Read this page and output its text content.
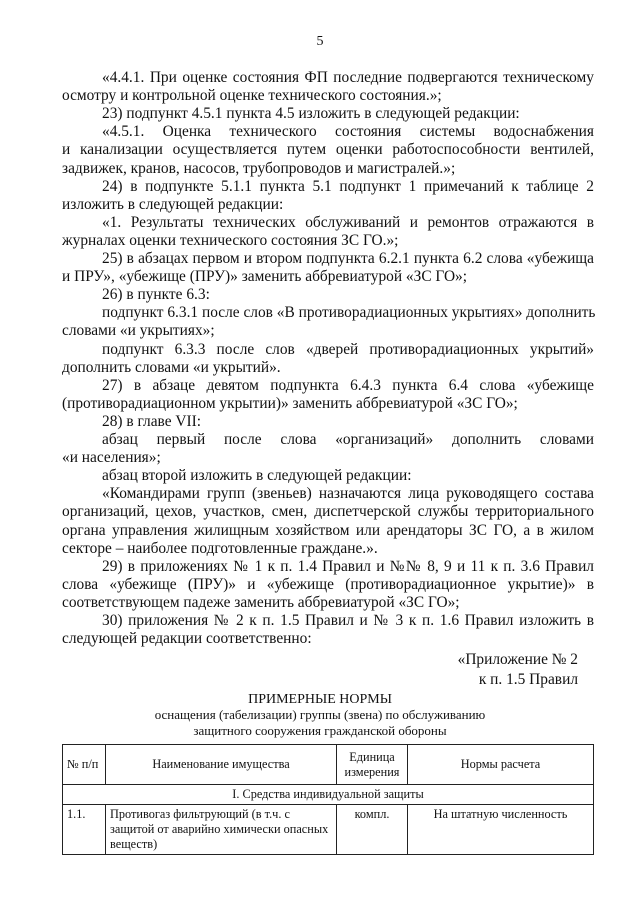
5
«4.4.1. При оценке состояния ФП последние подвергаются техническому
осмотру и контрольной оценке технического состояния.»;
23) подпункт 4.5.1 пункта 4.5 изложить в следующей редакции:
«4.5.1. Оценка технического состояния системы водоснабжения
и канализации осуществляется путем оценки работоспособности вентилей,
задвижек, кранов, насосов, трубопроводов и магистралей.»;
24) в подпункте 5.1.1 пункта 5.1 подпункт 1 примечаний к таблице 2
изложить в следующей редакции:
«1. Результаты технических обслуживаний и ремонтов отражаются в
журналах оценки технического состояния ЗС ГО.»;
25) в абзацах первом и втором подпункта 6.2.1 пункта 6.2 слова «убежища
и ПРУ», «убежище (ПРУ)» заменить аббревиатурой «ЗС ГО»;
26) в пункте 6.3:
подпункт 6.3.1 после слов «В противорадиационных укрытиях» дополнить
словами «и укрытиях»;
подпункт 6.3.3 после слов «дверей противорадиационных укрытий»
дополнить словами «и укрытий».
27) в абзаце девятом подпункта 6.4.3 пункта 6.4 слова «убежище
(противорадиационном укрытии)» заменить аббревиатурой «ЗС ГО»;
28) в главе VII:
абзац первый после слова «организаций» дополнить словами
«и населения»;
абзац второй изложить в следующей редакции:
«Командирами групп (звеньев) назначаются лица руководящего состава
организаций, цехов, участков, смен, диспетчерской службы территориального
органа управления жилищным хозяйством или арендаторы ЗС ГО, а в жилом
секторе – наиболее подготовленные граждане.».
29) в приложениях № 1 к п. 1.4 Правил и №№ 8, 9 и 11 к п. 3.6 Правил
слова «убежище (ПРУ)» и «убежище (противорадиационное укрытие)» в
соответствующем падеже заменить аббревиатурой «ЗС ГО»;
30) приложения № 2 к п. 1.5 Правил и № 3 к п. 1.6 Правил изложить в
следующей редакции соответственно:
«Приложение № 2
к п. 1.5 Правил
ПРИМЕРНЫЕ НОРМЫ
оснащения (табелизации) группы (звена) по обслуживанию
защитного сооружения гражданской обороны
№ п/п	Наименование имущества	Единица измерения	Нормы расчета
I. Средства индивидуальной защиты			
1.1.	Противогаз фильтрующий (в т.ч. с защитой от аварийно химически опасных веществ)	компл.	На штатную численность
